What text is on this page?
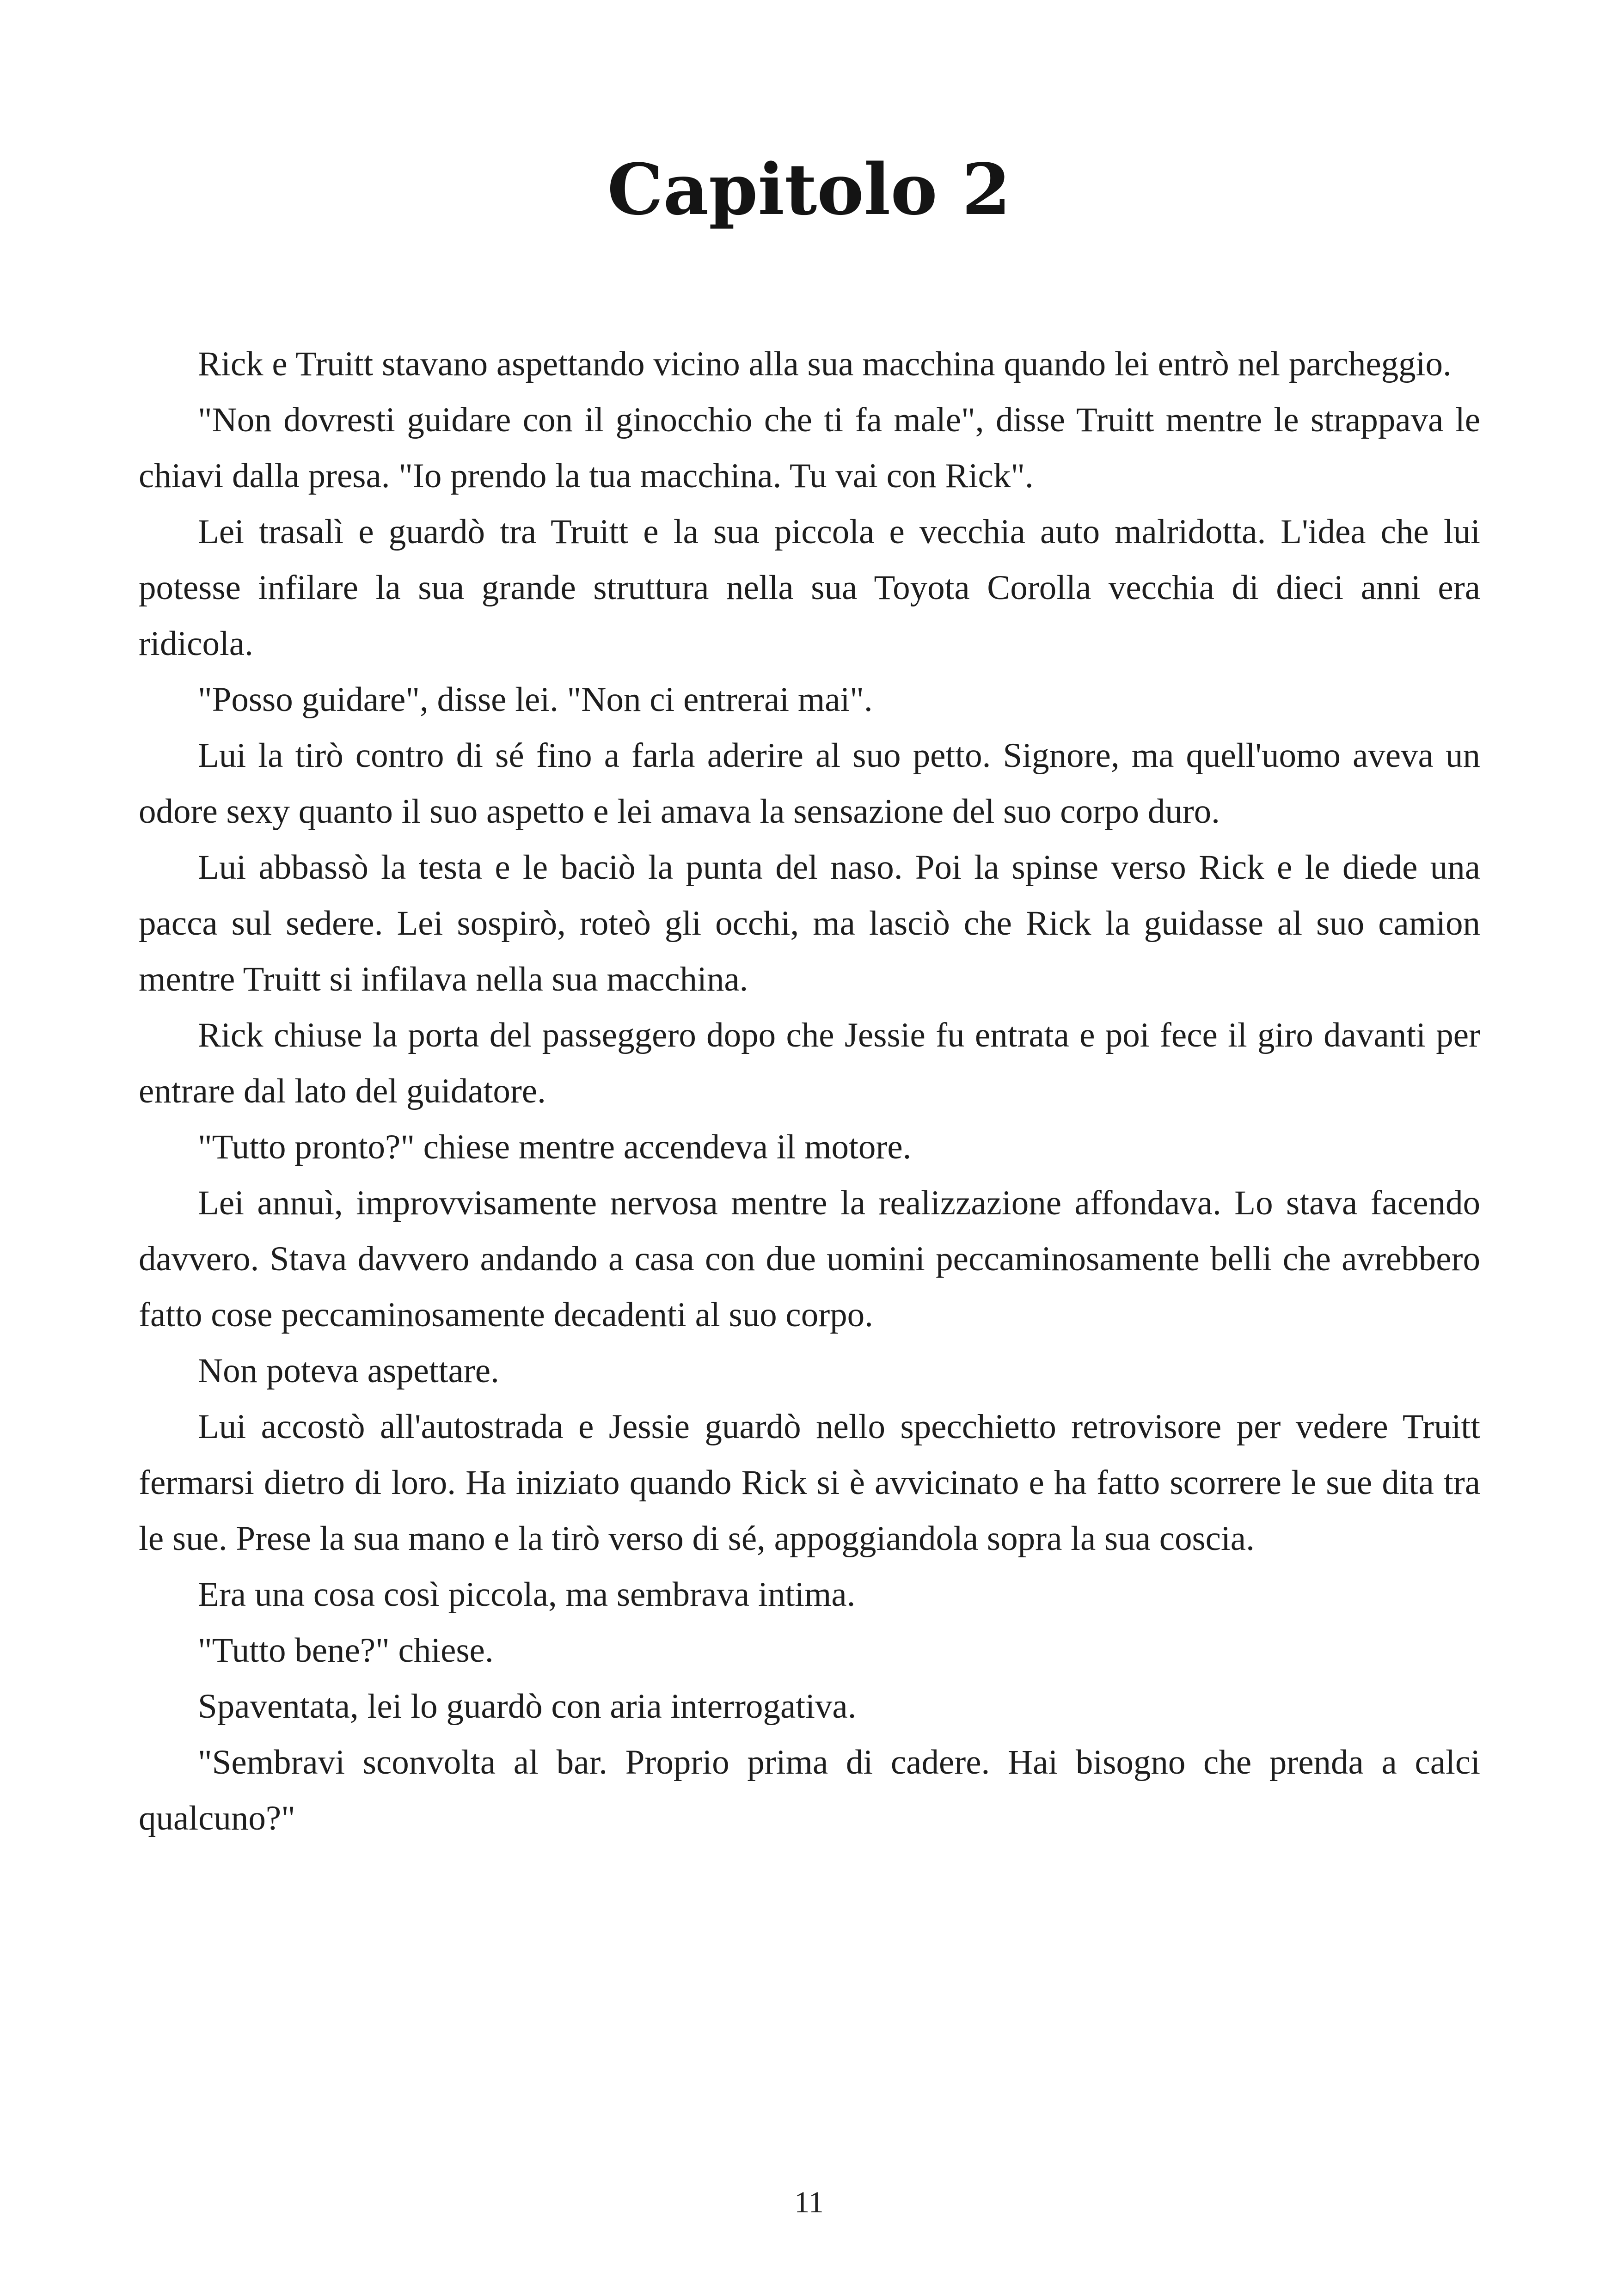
Capitolo 2

Rick e Truitt stavano aspettando vicino alla sua macchina quando lei entrò nel parcheggio.

"Non dovresti guidare con il ginocchio che ti fa male", disse Truitt mentre le strappava le chiavi dalla presa. "Io prendo la tua macchina. Tu vai con Rick".

Lei trasalì e guardò tra Truitt e la sua piccola e vecchia auto malridotta. L'idea che lui potesse infilare la sua grande struttura nella sua Toyota Corolla vecchia di dieci anni era ridicola.

"Posso guidare", disse lei. "Non ci entrerai mai".

Lui la tirò contro di sé fino a farla aderire al suo petto. Signore, ma quell'uomo aveva un odore sexy quanto il suo aspetto e lei amava la sensazione del suo corpo duro.

Lui abbassò la testa e le baciò la punta del naso. Poi la spinse verso Rick e le diede una pacca sul sedere. Lei sospirò, roteò gli occhi, ma lasciò che Rick la guidasse al suo camion mentre Truitt si infilava nella sua macchina.

Rick chiuse la porta del passeggero dopo che Jessie fu entrata e poi fece il giro davanti per entrare dal lato del guidatore.

"Tutto pronto?" chiese mentre accendeva il motore.

Lei annuì, improvvisamente nervosa mentre la realizzazione affondava. Lo stava facendo davvero. Stava davvero andando a casa con due uomini peccaminosamente belli che avrebbero fatto cose peccaminosamente decadenti al suo corpo.

Non poteva aspettare.

Lui accostò all'autostrada e Jessie guardò nello specchietto retrovisore per vedere Truitt fermarsi dietro di loro. Ha iniziato quando Rick si è avvicinato e ha fatto scorrere le sue dita tra le sue. Prese la sua mano e la tirò verso di sé, appoggiandola sopra la sua coscia.

Era una cosa così piccola, ma sembrava intima.

"Tutto bene?" chiese.

Spaventata, lei lo guardò con aria interrogativa.

"Sembravi sconvolta al bar. Proprio prima di cadere. Hai bisogno che prenda a calci qualcuno?"

11
